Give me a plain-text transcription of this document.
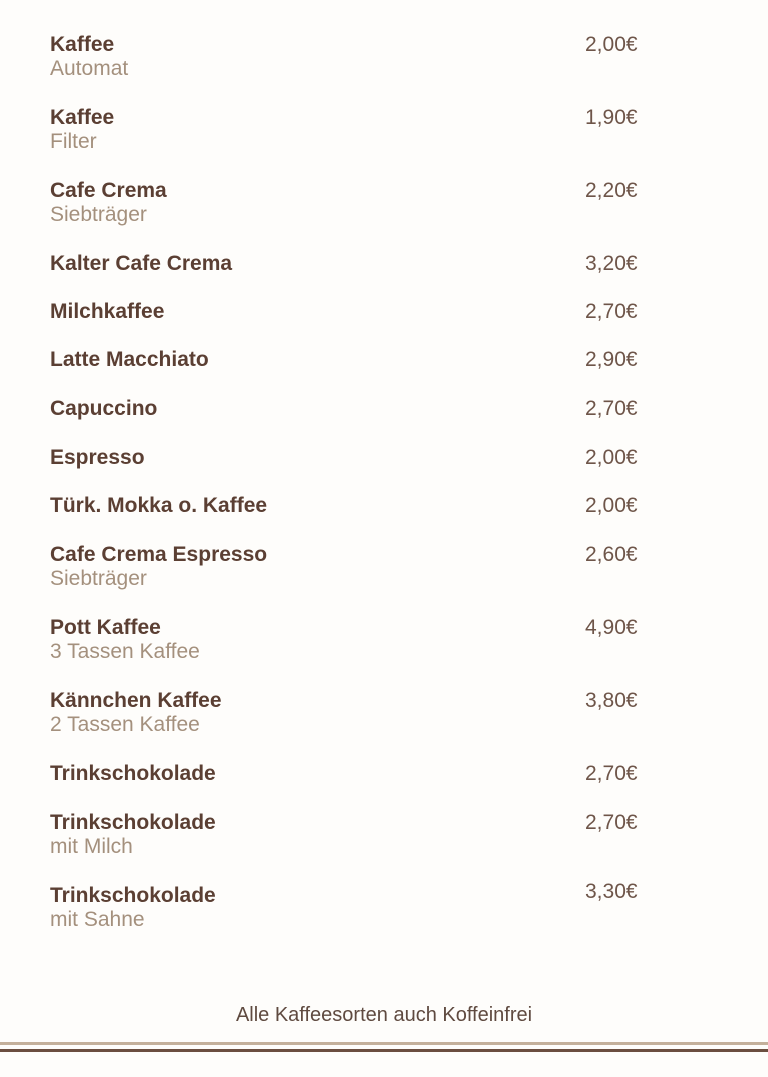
Kaffee
Automat
2,00€
Kaffee
Filter
1,90€
Cafe Crema
Siebträger
2,20€
Kalter Cafe Crema	3,20€
Milchkaffee	2,70€
Latte Macchiato	2,90€
Capuccino	2,70€
Espresso	2,00€
Türk. Mokka o. Kaffee	2,00€
Cafe Crema Espresso
Siebträger
2,60€
Pott Kaffee
3 Tassen Kaffee
4,90€
Kännchen Kaffee
2 Tassen Kaffee
3,80€
Trinkschokolade	2,70€
Trinkschokolade
mit Milch
2,70€
Trinkschokolade
mit Sahne
3,30€
Alle Kaffeesorten auch Koffeinfrei
